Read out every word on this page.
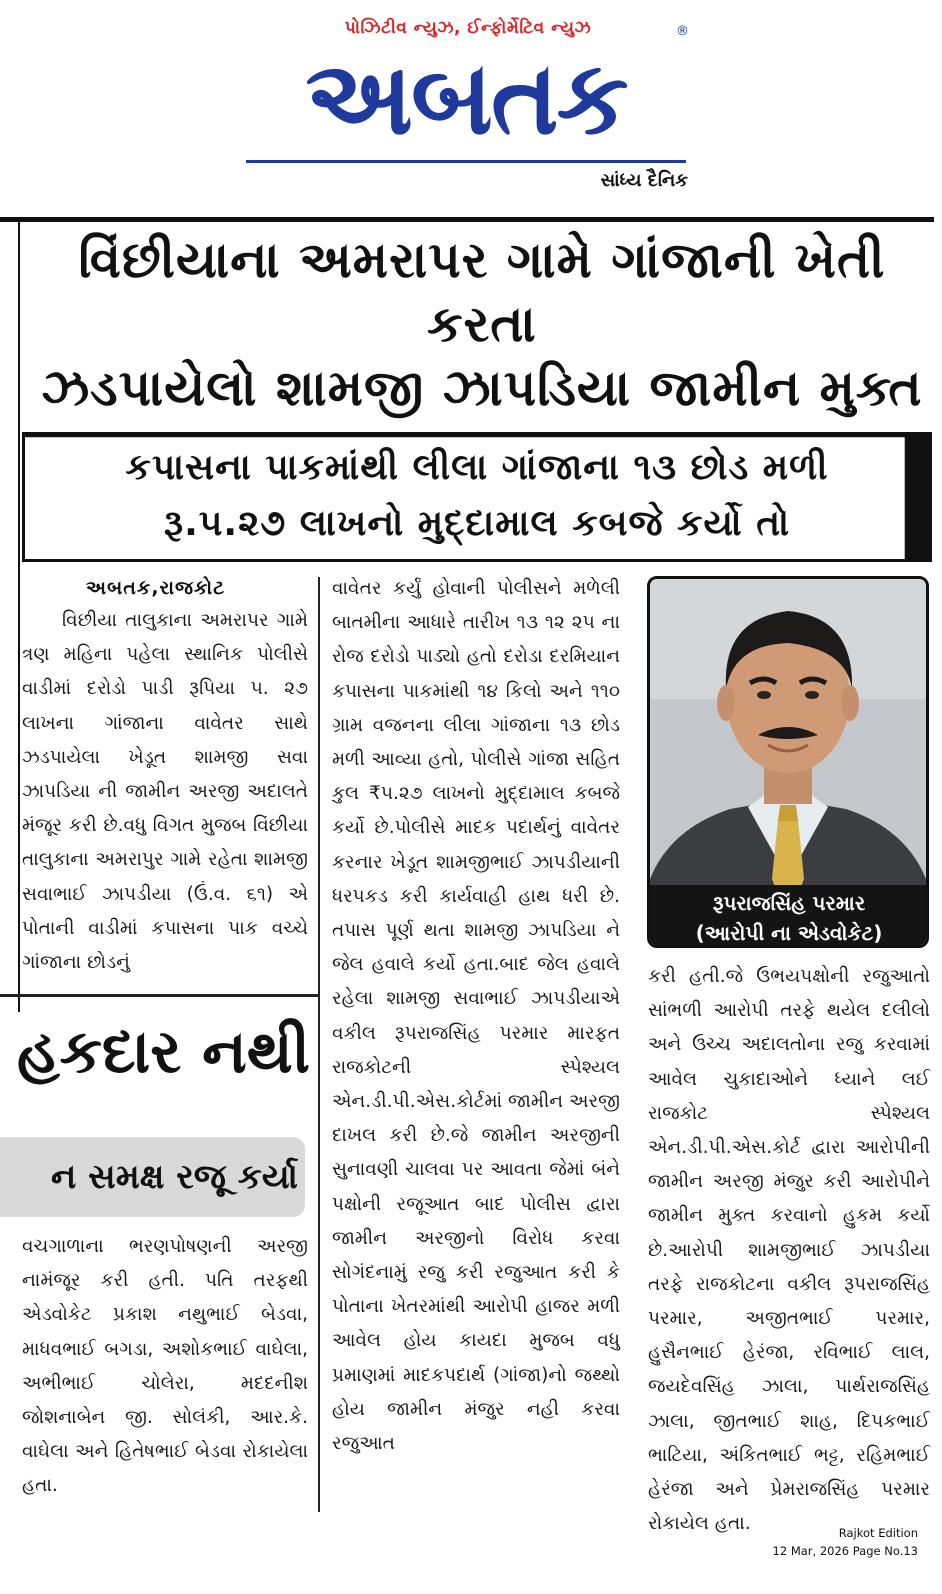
પોઝિટીવ ન્યુઝ, ઈન્ફોર્મેટિવ ન્યુઝ
અબતક
®
સાંધ્ય દૈનિક
વિંછીયાના અમરાપર ગામે ગાંજાની ખેતી કરતા
ઝડપાયેલો શામજી ઝાપડિયા જામીન મુક્ત
કપાસના પાકમાંથી લીલા ગાંજાના ૧૩ છોડ મળી
રૂ.૫.૨૭ લાખનો મુદ્દામાલ કબજે કર્યો તો
અબતક,રાજકોટ

વિછીયા તાલુકાના અમરાપર ગામે ત્રણ મહિના પહેલા સ્થાનિક પોલીસે વાડીમાં દરોડો પાડી રૂપિયા ૫. ૨૭ લાખના ગાંજાના વાવેતર સાથે ઝડપાયેલા ખેડૂત શામજી સવા ઝાપડિયા ની જામીન અરજી અદાલતે મંજૂર કરી છે.વધુ વિગત મુજબ વિંછીયા તાલુકાના અમરાપુર ગામે રહેતા શામજી સવાભાઈ ઝાપડીયા (ઉં.વ. ૬૧) એ પોતાની વાડીમાં કપાસના પાક વચ્ચે ગાંજાના છોડનું

વાવેતર કર્યું હોવાની પોલીસને મળેલી બાતમીના આધારે તારીખ ૧૩ ૧૨ ૨૫ ના રોજ દરોડો પાડ્યો હતો દરોડા દરમિયાન કપાસના પાકમાંથી ૧૪ કિલો અને ૧૧૦ ગ્રામ વજનના લીલા ગાંજાના ૧૩ છોડ મળી આવ્યા હતો, પોલીસે ગાંજા સહિત કુલ ₹૫.૨૭ લાખનો મુદ્દામાલ કબજે કર્યો છે.પોલીસે માદક પદાર્થનું વાવેતર કરનાર ખેડૂત શામજીભાઈ ઝાપડીયાની ધરપકડ કરી કાર્યવાહી હાથ ધરી છે. તપાસ પૂર્ણ થતા શામજી ઝાપડિયા ને જેલ હવાલે કર્યો હતા.બાદ જેલ હવાલે રહેલા શામજી સવાભાઈ ઝાપડીયાએ વકીલ રૂપરાજસિંહ પરમાર મારફત રાજકોટની સ્પેશ્યલ એન.ડી.પી.એસ.કોર્ટમાં જામીન અરજી દાખલ કરી છે.જે જામીન અરજીની સુનાવણી ચાલવા પર આવતા જેમાં બંને પક્ષોની રજૂઆત બાદ પોલીસ દ્વારા જામીન અરજીનો વિરોધ કરવા સોગંદનામું રજુ કરી રજુઆત કરી કે પોતાના ખેતરમાંથી આરોપી હાજર મળી આવેલ હોય કાયદા મુજબ વધુ પ્રમાણમાં માદકપદાર્થ (ગાંજા)નો જથ્થો હોય જામીન મંજુર નહી કરવા રજુઆત

રૂપરાજસિંહ પરમાર
(આરોપી ના એડવોકેટ)

કરી હતી.જે ઉભયપક્ષોની રજુઆતો સાંભળી આરોપી તરફે થયેલ દલીલો અને ઉચ્ચ અદાલતોના રજુ કરવામાં આવેલ ચુકાદાઓને ધ્યાને લઈ રાજકોટ સ્પેશ્યલ એન.ડી.પી.એસ.કોર્ટ દ્વારા આરોપીની જામીન અરજી મંજુર કરી આરોપીને જામીન મુક્ત કરવાનો હુકમ કર્યો છે.આરોપી શામજીભાઈ ઝાપડીયા તરફે રાજકોટના વકીલ રૂપરાજસિંહ પરમાર, અજીતભાઈ પરમાર, હુસૈનભાઈ હેરંજા, રવિભાઈ લાલ, જયદેવસિંહ ઝાલા, પાર્થરાજસિંહ ઝાલા, જીતભાઈ શાહ, દિપકભાઈ ભાટિયા, અંકિતભાઈ ભટ્ટ, રહિમભાઈ હેરંજા અને પ્રેમરાજસિંહ પરમાર રોકાયેલ હતા.

હકદાર નથી
ન સમક્ષ રજૂ કર્યા

વચગાળાના ભરણપોષણની અરજી નામંજૂર કરી હતી. પતિ તરફથી એડવોકેટ પ્રકાશ નથુભાઈ બેડવા, માધવભાઈ બગડા, અશોકભાઈ વાઘેલા, અભીભાઈ ચોલેરા, મદદનીશ જોશનાબેન જી. સોલંકી, આર.કે. વાઘેલા અને હિતેષભાઈ બેડવા રોકાયેલા હતા.

Rajkot Edition
12 Mar, 2026 Page No.13
